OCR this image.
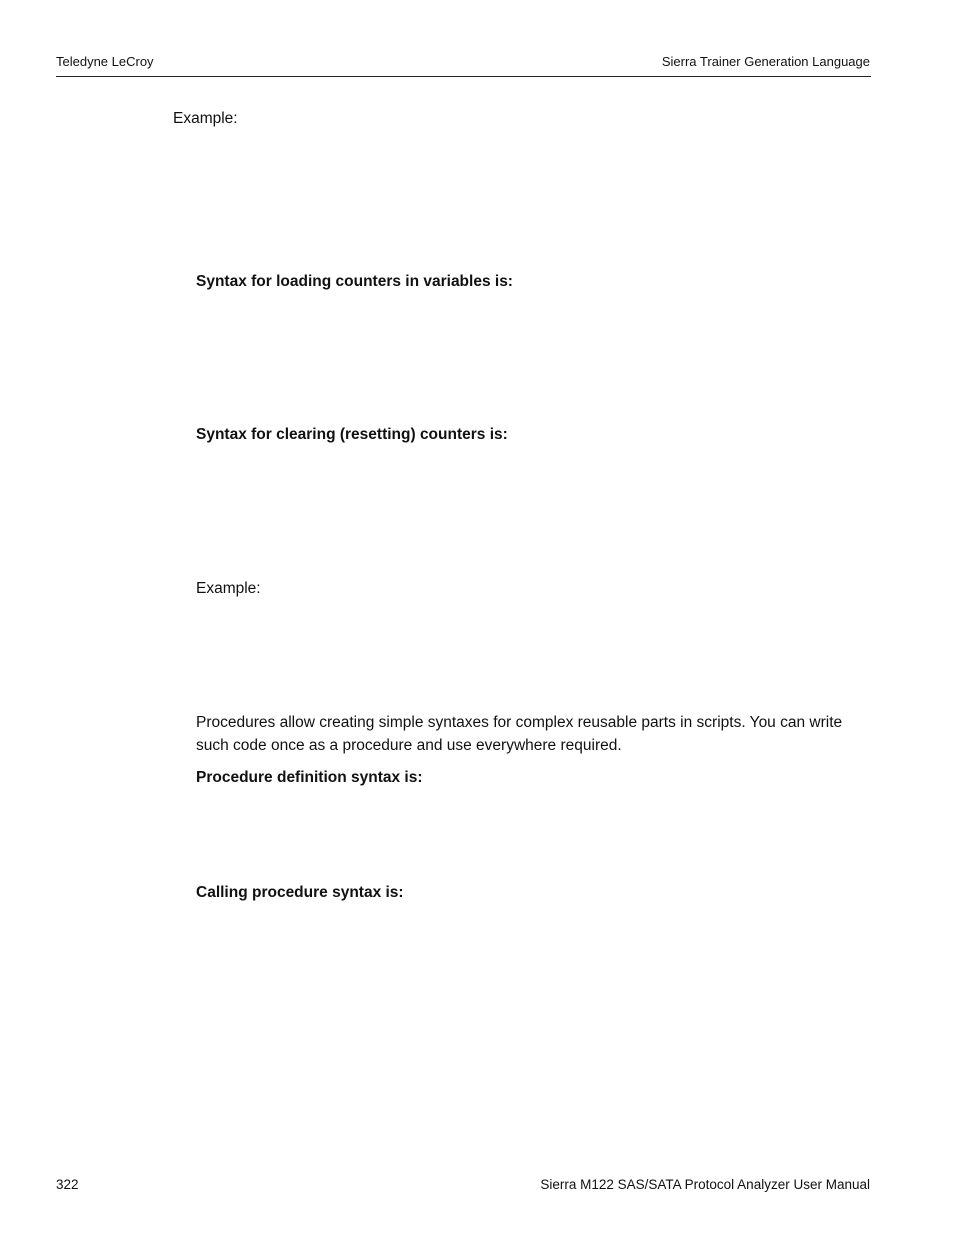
Teledyne LeCroy	Sierra Trainer Generation Language
Example:
Syntax for loading counters in variables is:
Syntax for clearing (resetting) counters is:
Example:
Procedures allow creating simple syntaxes for complex reusable parts in scripts. You can write such code once as a procedure and use everywhere required.
Procedure definition syntax is:
Calling procedure syntax is:
322	Sierra M122 SAS/SATA Protocol Analyzer User Manual
